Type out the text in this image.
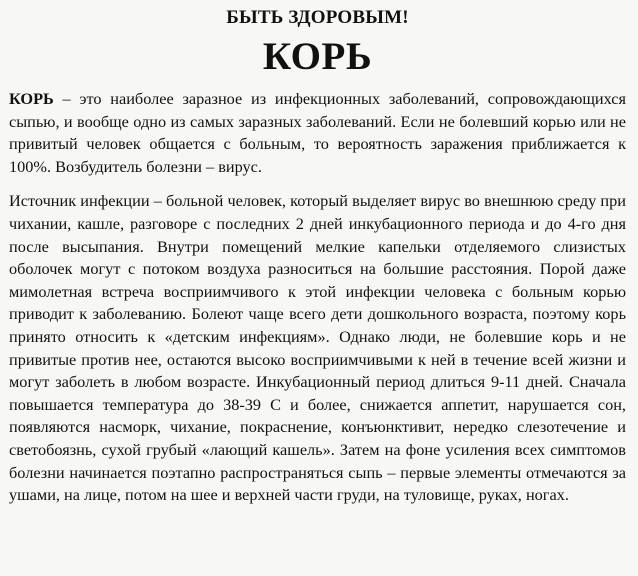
БЫТЬ ЗДОРОВЫМ!
КОРЬ

КОРЬ – это наиболее заразное из инфекционных заболеваний, сопровождающихся сыпью, и вообще одно из самых заразных заболеваний. Если не болевший корью или не привитый человек общается с больным, то вероятность заражения приближается к 100%. Возбудитель болезни – вирус.

Источник инфекции – больной человек, который выделяет вирус во внешнюю среду при чихании, кашле, разговоре с последних 2 дней инкубационного периода и до 4-го дня после высыпания. Внутри помещений мелкие капельки отделяемого слизистых оболочек могут с потоком воздуха разноситься на большие расстояния. Порой даже мимолетная встреча восприимчивого к этой инфекции человека с больным корью приводит к заболеванию. Болеют чаще всего дети дошкольного возраста, поэтому корь принято относить к «детским инфекциям». Однако люди, не болевшие корь и не привитые против нее, остаются высоко восприимчивыми к ней в течение всей жизни и могут заболеть в любом возрасте. Инкубационный период длиться 9-11 дней. Сначала повышается температура до 38-39 С и более, снижается аппетит, нарушается сон, появляются насморк, чихание, покраснение, конъюнктивит, нередко слезотечение и светобоязнь, сухой грубый «лающий кашель». Затем на фоне усиления всех симптомов болезни начинается поэтапно распространяться сыпь – первые элементы отмечаются за ушами, на лице, потом на шее и верхней части груди, на туловище, руках, ногах.
